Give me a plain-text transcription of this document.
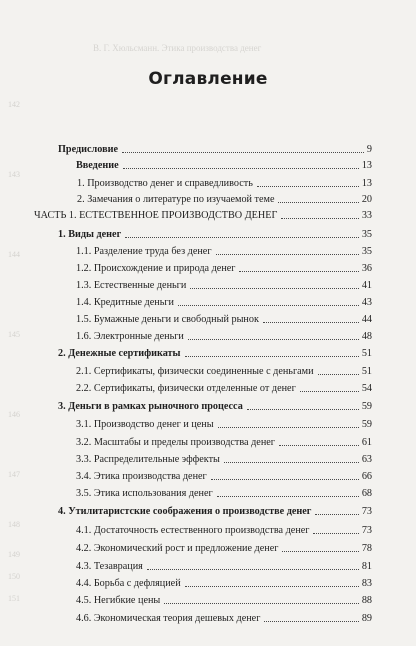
В. Г. Хюльсманн. Этика производства денег
142
143
144
145
146
147
148
149
150
151
Оглавление
Предисловие	9
Введение	13
1. Производство денег и справедливость	13
2. Замечания о литературе по изучаемой теме	20
ЧАСТЬ 1. ЕСТЕСТВЕННОЕ ПРОИЗВОДСТВО ДЕНЕГ	33
1. Виды денег	35
1.1. Разделение труда без денег	35
1.2. Происхождение и природа денег	36
1.3. Естественные деньги	41
1.4. Кредитные деньги	43
1.5. Бумажные деньги и свободный рынок	44
1.6. Электронные деньги	48
2. Денежные сертификаты	51
2.1. Сертификаты, физически соединенные с деньгами	51
2.2. Сертификаты, физически отделенные от денег	54
3. Деньги в рамках рыночного процесса	59
3.1. Производство денег и цены	59
3.2. Масштабы и пределы производства денег	61
3.3. Распределительные эффекты	63
3.4. Этика производства денег	66
3.5. Этика использования денег	68
4. Утилитаристские соображения о производстве денег	73
4.1. Достаточность естественного производства денег	73
4.2. Экономический рост и предложение денег	78
4.3. Тезаврация	81
4.4. Борьба с дефляцией	83
4.5. Негибкие цены	88
4.6. Экономическая теория дешевых денег	89
